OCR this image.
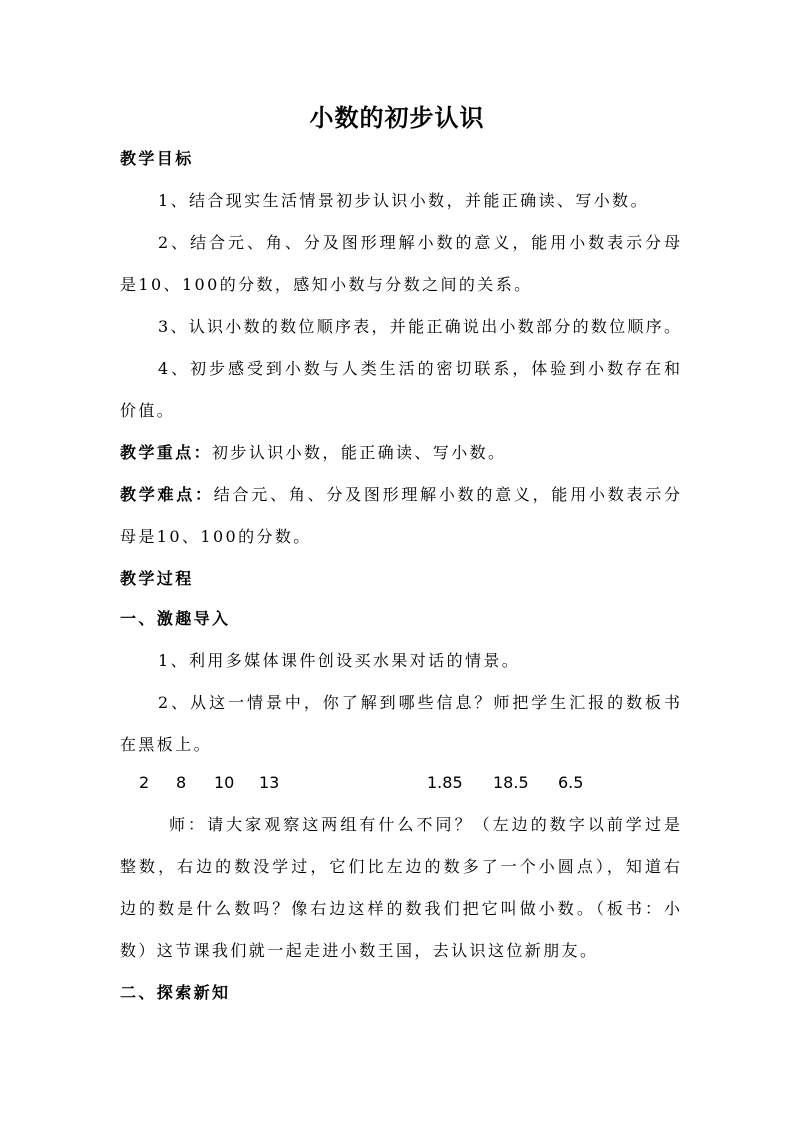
小数的初步认识
教学目标
1、结合现实生活情景初步认识小数，并能正确读、写小数。
2、结合元、角、分及图形理解小数的意义，能用小数表示分母
是10、100的分数，感知小数与分数之间的关系。
3、认识小数的数位顺序表，并能正确说出小数部分的数位顺序。
4、初步感受到小数与人类生活的密切联系，体验到小数存在和
价值。
教学重点：初步认识小数，能正确读、写小数。
教学难点：结合元、角、分及图形理解小数的意义，能用小数表示分
母是10、100的分数。
教学过程
一、激趣导入
1、利用多媒体课件创设买水果对话的情景。
2、从这一情景中，你了解到哪些信息？师把学生汇报的数板书
在黑板上。
2 8 10 13	1.85 18.5 6.5
师：请大家观察这两组有什么不同？（左边的数字以前学过是
整数，右边的数没学过，它们比左边的数多了一个小圆点），知道右
边的数是什么数吗？像右边这样的数我们把它叫做小数。（板书：小
数）这节课我们就一起走进小数王国，去认识这位新朋友。
二、探索新知
